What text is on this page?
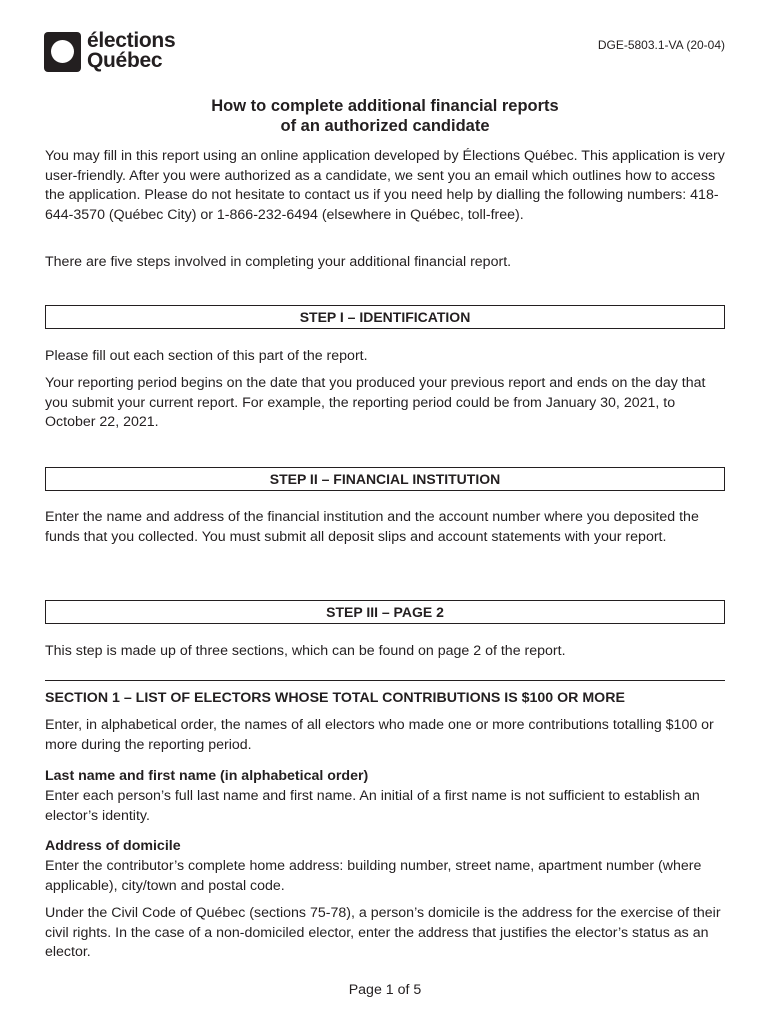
élections
Québec
DGE-5803.1-VA (20-04)
How to complete additional financial reports
of an authorized candidate

You may fill in this report using an online application developed by Élections Québec. This application is very user-friendly. After you were authorized as a candidate, we sent you an email which outlines how to access the application. Please do not hesitate to contact us if you need help by dialling the following numbers: 418-644-3570 (Québec City) or 1-866-232-6494 (elsewhere in Québec, toll-free).

There are five steps involved in completing your additional financial report.

STEP I – IDENTIFICATION

Please fill out each section of this part of the report.

Your reporting period begins on the date that you produced your previous report and ends on the day that you submit your current report. For example, the reporting period could be from January 30, 2021, to October 22, 2021.

STEP II – FINANCIAL INSTITUTION

Enter the name and address of the financial institution and the account number where you deposited the funds that you collected. You must submit all deposit slips and account statements with your report.

STEP III – PAGE 2

This step is made up of three sections, which can be found on page 2 of the report.

SECTION 1 – LIST OF ELECTORS WHOSE TOTAL CONTRIBUTIONS IS $100 OR MORE

Enter, in alphabetical order, the names of all electors who made one or more contributions totalling $100 or more during the reporting period.

Last name and first name (in alphabetical order)

Enter each person’s full last name and first name. An initial of a first name is not sufficient to establish an elector’s identity.

Address of domicile

Enter the contributor’s complete home address: building number, street name, apartment number (where applicable), city/town and postal code.

Under the Civil Code of Québec (sections 75-78), a person’s domicile is the address for the exercise of their civil rights. In the case of a non-domiciled elector, enter the address that justifies the elector’s status as an elector.

Page 1 of 5
